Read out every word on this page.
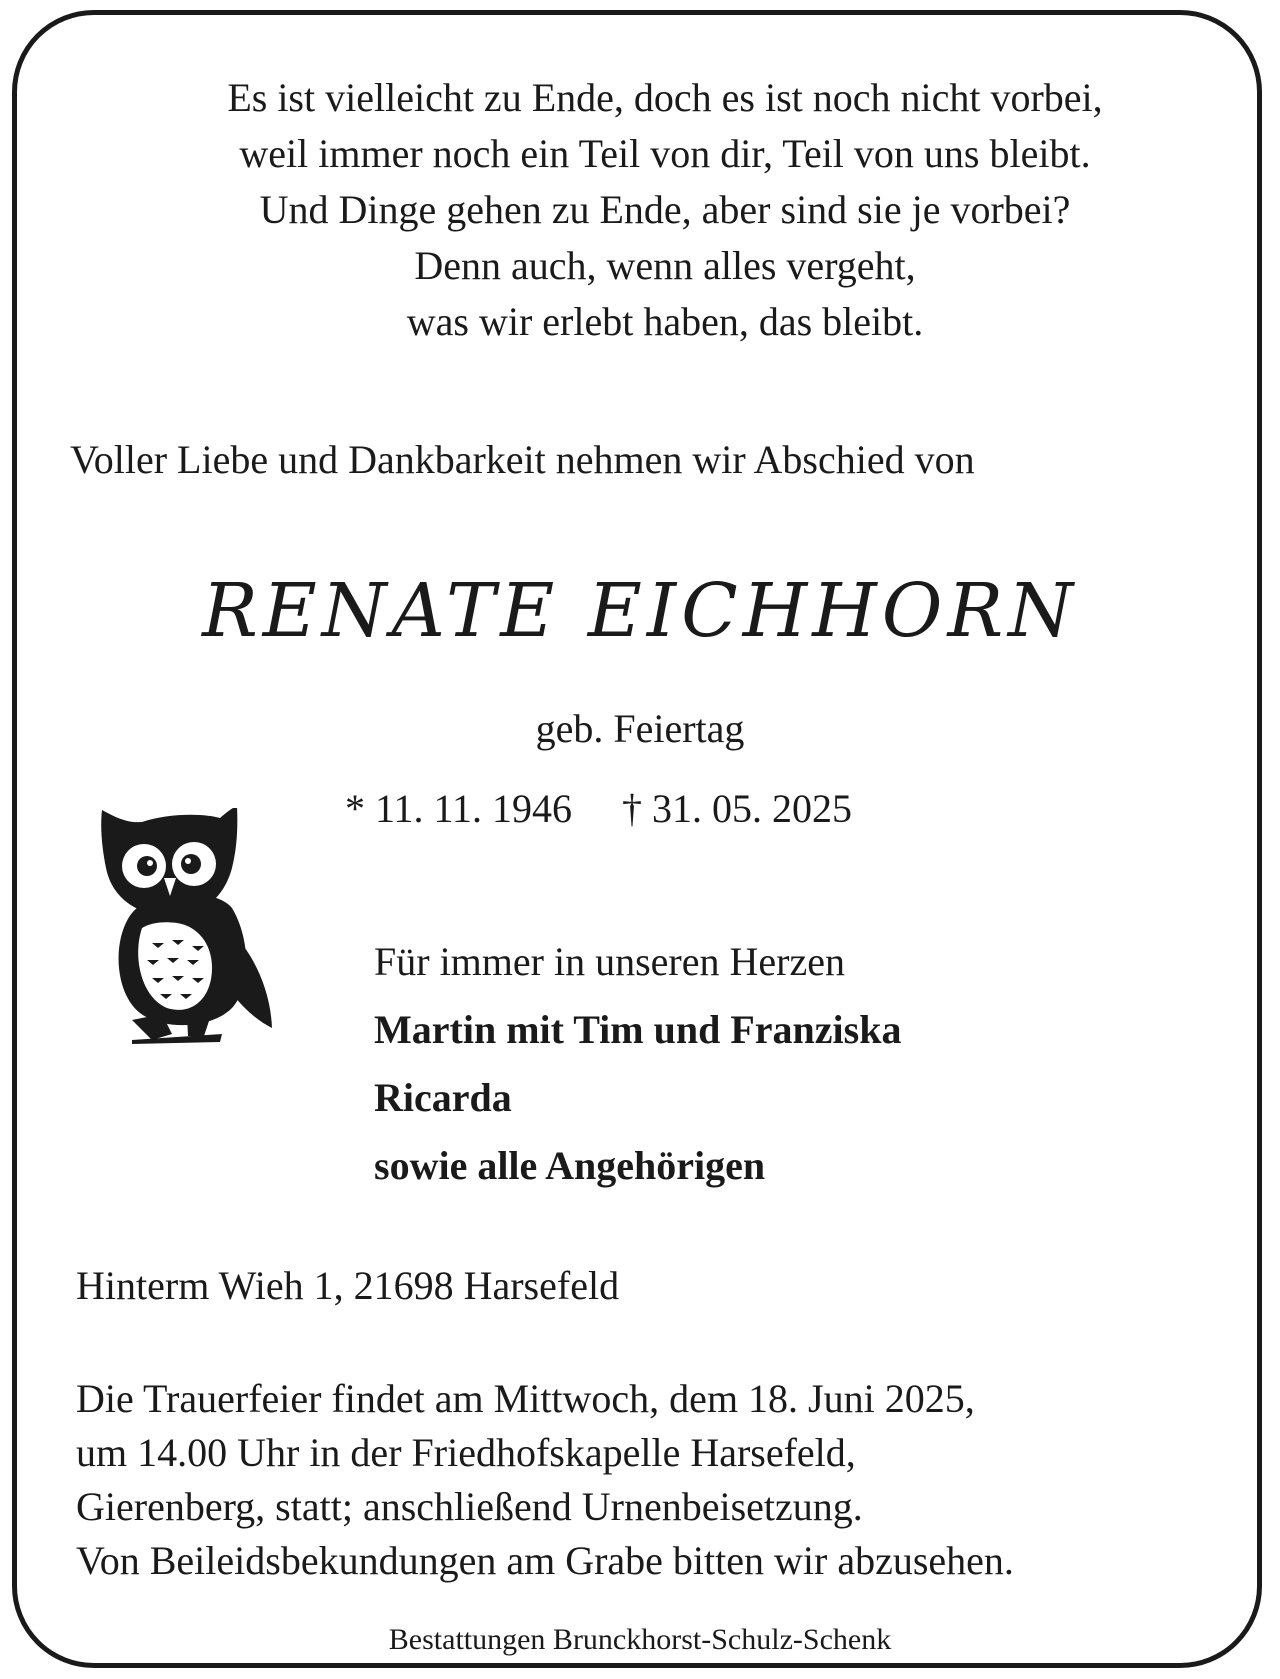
Es ist vielleicht zu Ende, doch es ist noch nicht vorbei,
weil immer noch ein Teil von dir, Teil von uns bleibt.
Und Dinge gehen zu Ende, aber sind sie je vorbei?
Denn auch, wenn alles vergeht,
was wir erlebt haben, das bleibt.
Voller Liebe und Dankbarkeit nehmen wir Abschied von
RENATE EICHHORN
geb. Feiertag
* 11. 11. 1946 † 31. 05. 2025
Für immer in unseren Herzen
Martin mit Tim und Franziska
Ricarda
sowie alle Angehörigen
Hinterm Wieh 1, 21698 Harsefeld
Die Trauerfeier findet am Mittwoch, dem 18. Juni 2025,
um 14.00 Uhr in der Friedhofskapelle Harsefeld,
Gierenberg, statt; anschließend Urnenbeisetzung.
Von Beileidsbekundungen am Grabe bitten wir abzusehen.
Bestattungen Brunckhorst-Schulz-Schenk
